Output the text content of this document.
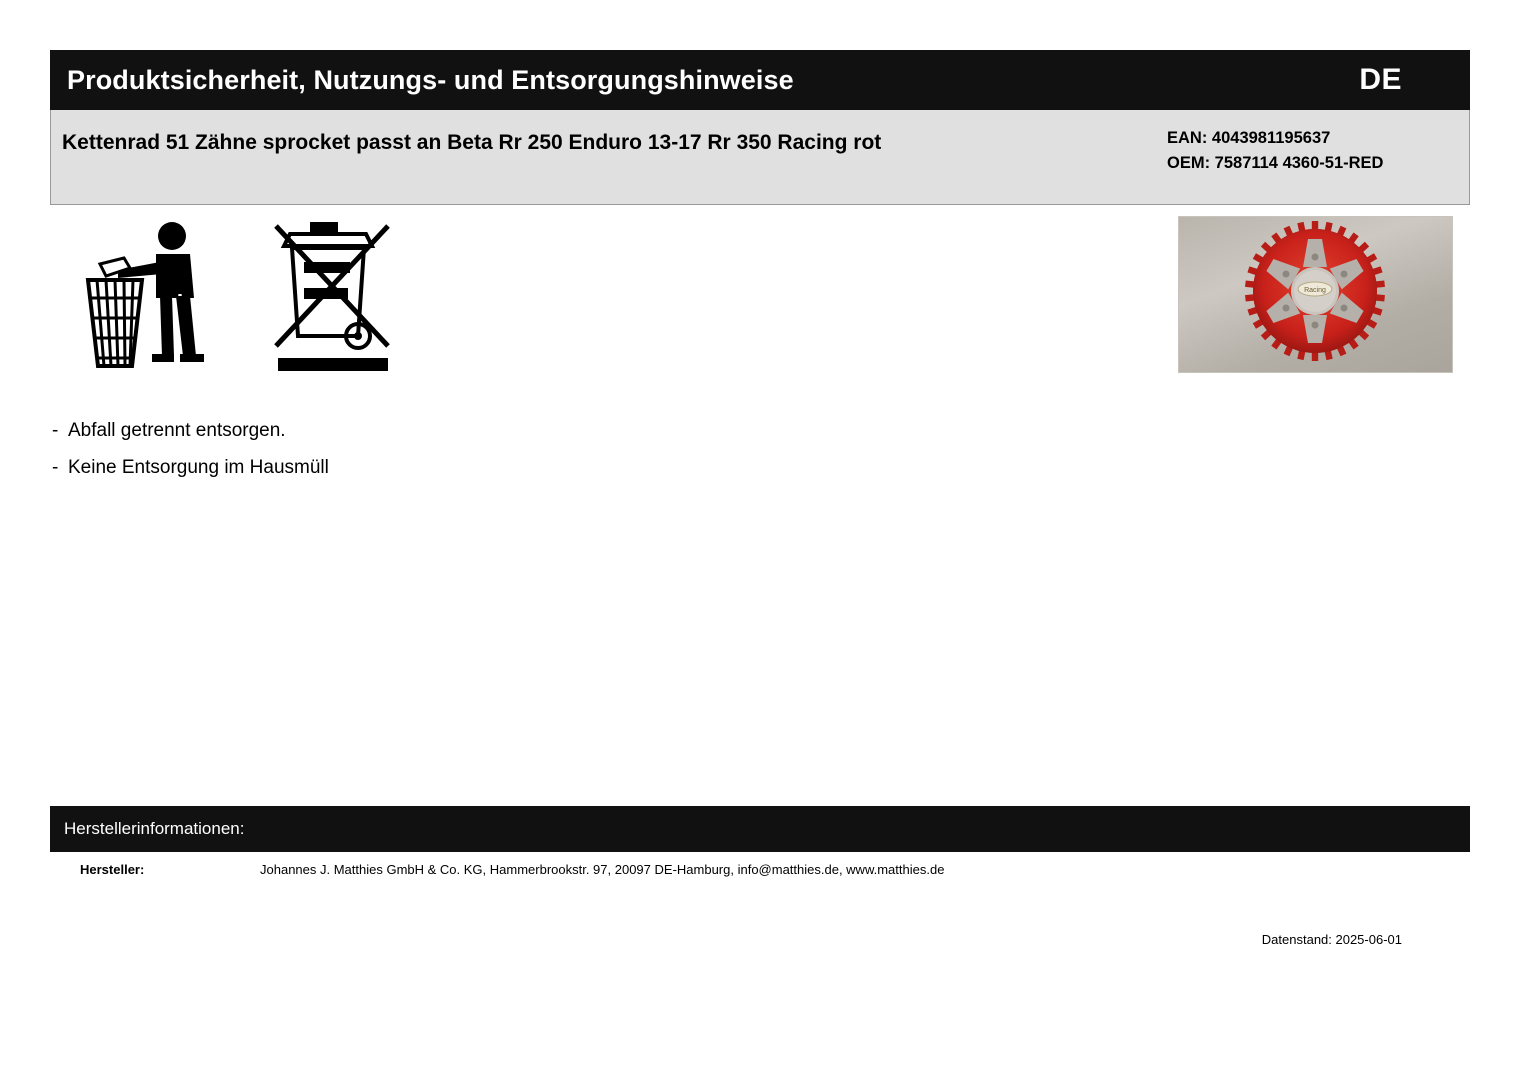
Produktsicherheit, Nutzungs- und Entsorgungshinweise	DE
Kettenrad 51 Zähne sprocket passt an Beta Rr 250 Enduro 13-17 Rr 350 Racing rot	EAN: 4043981195637
OEM: 7587114 4360-51-RED
Racing
- Abfall getrennt entsorgen.
- Keine Entsorgung im Hausmüll
Herstellerinformationen:
Hersteller:	Johannes J. Matthies GmbH & Co. KG, Hammerbrookstr. 97, 20097 DE-Hamburg, info@matthies.de, www.matthies.de
Datenstand: 2025-06-01
